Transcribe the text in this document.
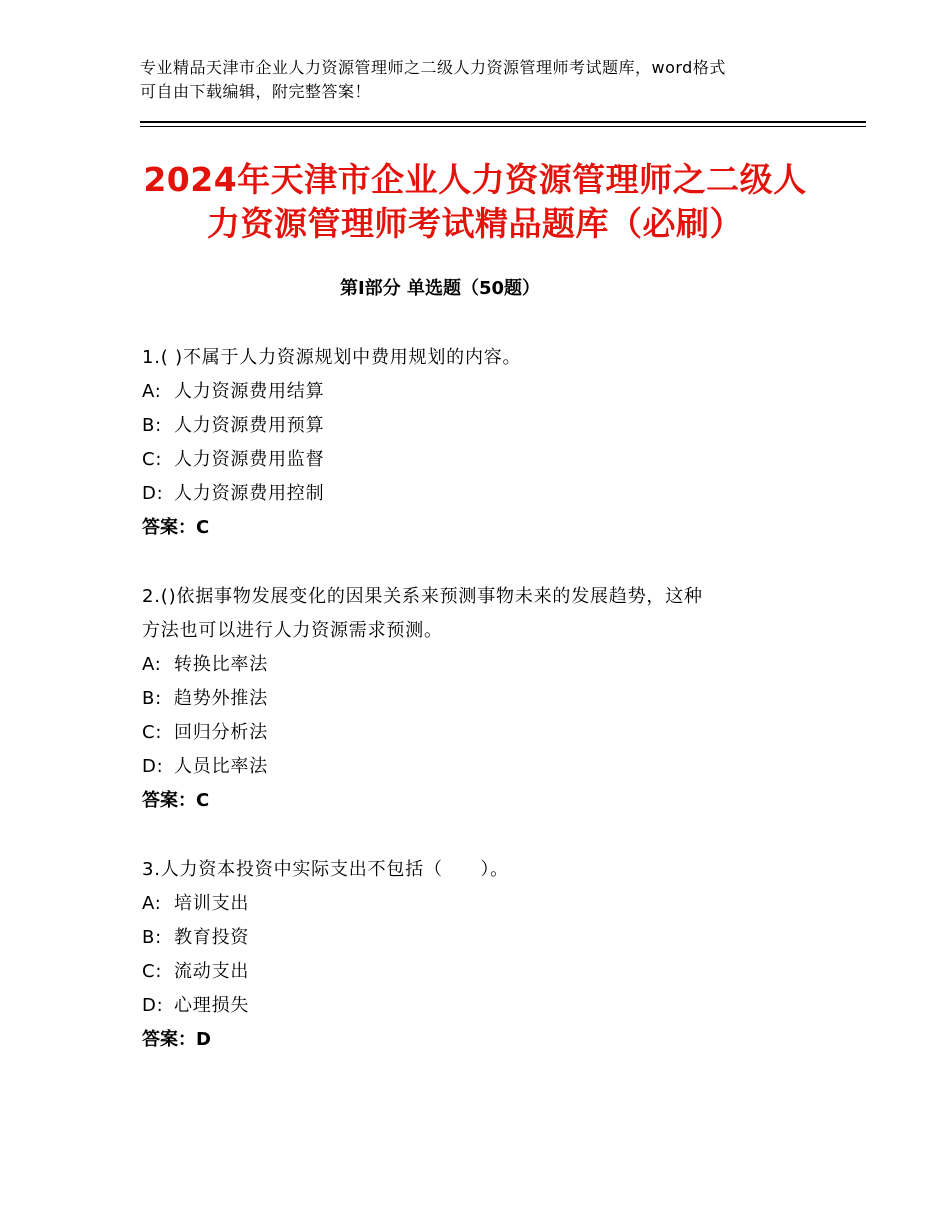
专业精品天津市企业人力资源管理师之二级人力资源管理师考试题库，word格式
可自由下载编辑，附完整答案！
2024年天津市企业人力资源管理师之二级人
力资源管理师考试精品题库（必刷）
第Ⅰ部分 单选题（50题）
1.( )不属于人力资源规划中费用规划的内容。
A: 人力资源费用结算
B: 人力资源费用预算
C: 人力资源费用监督
D: 人力资源费用控制
答案：C
2.()依据事物发展变化的因果关系来预测事物未来的发展趋势，这种
方法也可以进行人力资源需求预测。
A: 转换比率法
B: 趋势外推法
C: 回归分析法
D: 人员比率法
答案：C
3.人力资本投资中实际支出不包括（　　）。
A: 培训支出
B: 教育投资
C: 流动支出
D: 心理损失
答案：D
